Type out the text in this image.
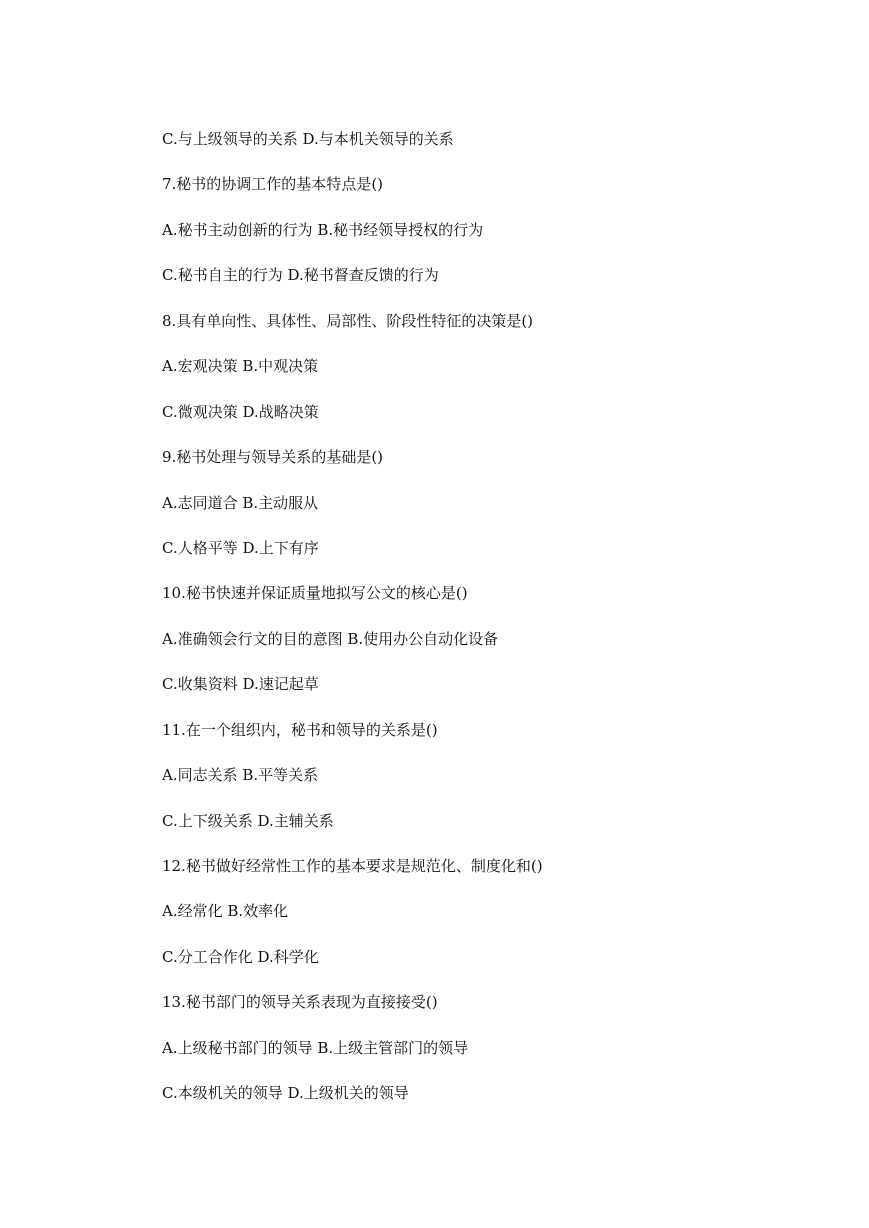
C.与上级领导的关系 D.与本机关领导的关系
7.秘书的协调工作的基本特点是()
A.秘书主动创新的行为 B.秘书经领导授权的行为
C.秘书自主的行为 D.秘书督查反馈的行为
8.具有单向性、具体性、局部性、阶段性特征的决策是()
A.宏观决策 B.中观决策
C.微观决策 D.战略决策
9.秘书处理与领导关系的基础是()
A.志同道合 B.主动服从
C.人格平等 D.上下有序
10.秘书快速并保证质量地拟写公文的核心是()
A.准确领会行文的目的意图 B.使用办公自动化设备
C.收集资料 D.速记起草
11.在一个组织内，秘书和领导的关系是()
A.同志关系 B.平等关系
C.上下级关系 D.主辅关系
12.秘书做好经常性工作的基本要求是规范化、制度化和()
A.经常化 B.效率化
C.分工合作化 D.科学化
13.秘书部门的领导关系表现为直接接受()
A.上级秘书部门的领导 B.上级主管部门的领导
C.本级机关的领导 D.上级机关的领导
